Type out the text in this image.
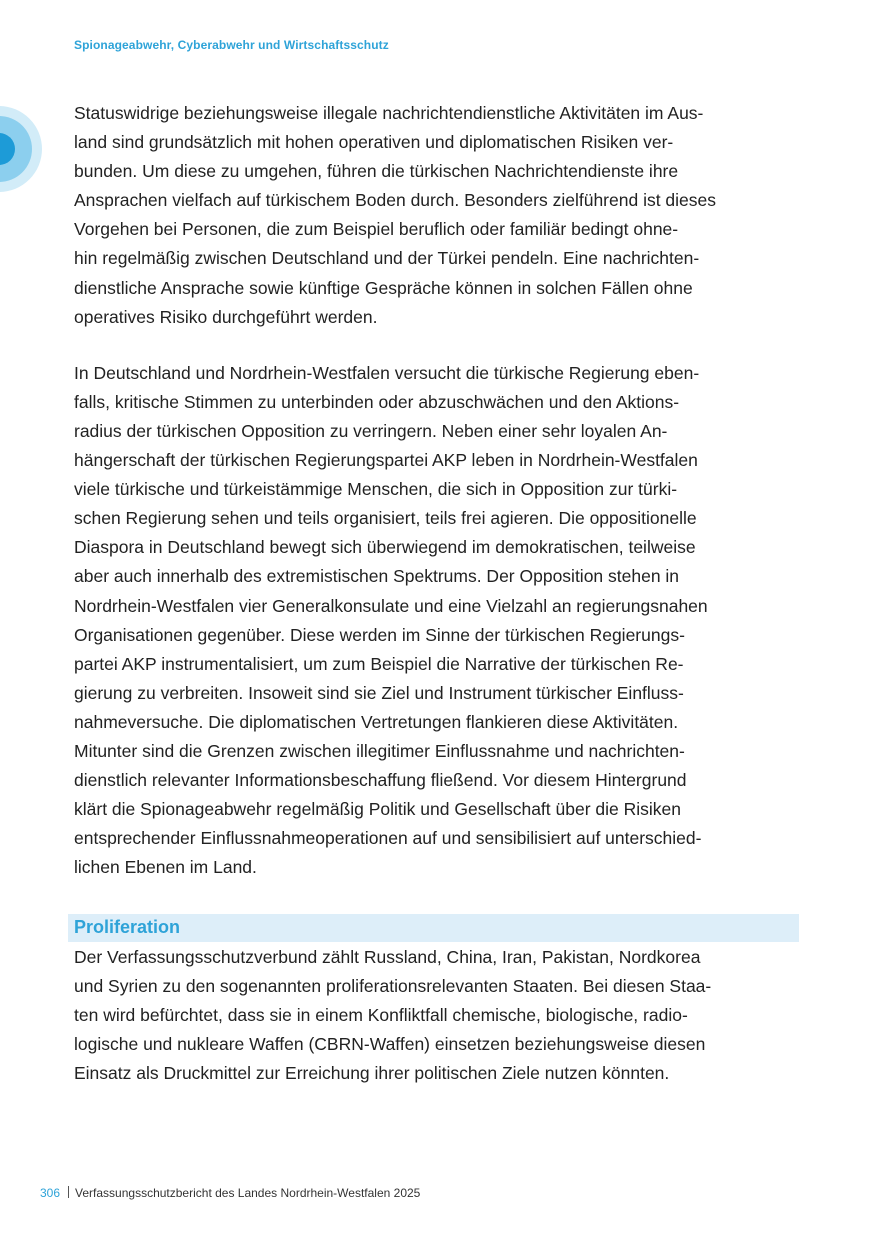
Spionageabwehr, Cyberabwehr und Wirtschaftsschutz
Statuswidrige beziehungsweise illegale nachrichtendienstliche Aktivitäten im Aus-
land sind grundsätzlich mit hohen operativen und diplomatischen Risiken ver-
bunden. Um diese zu umgehen, führen die türkischen Nachrichtendienste ihre
Ansprachen vielfach auf türkischem Boden durch. Besonders zielführend ist dieses
Vorgehen bei Personen, die zum Beispiel beruflich oder familiär bedingt ohne-
hin regelmäßig zwischen Deutschland und der Türkei pendeln. Eine nachrichten-
dienstliche Ansprache sowie künftige Gespräche können in solchen Fällen ohne
operatives Risiko durchgeführt werden.
In Deutschland und Nordrhein-Westfalen versucht die türkische Regierung eben-
falls, kritische Stimmen zu unterbinden oder abzuschwächen und den Aktions-
radius der türkischen Opposition zu verringern. Neben einer sehr loyalen An-
hängerschaft der türkischen Regierungspartei AKP leben in Nordrhein-Westfalen
viele türkische und türkeistämmige Menschen, die sich in Opposition zur türki-
schen Regierung sehen und teils organisiert, teils frei agieren. Die oppositionelle
Diaspora in Deutschland bewegt sich überwiegend im demokratischen, teilweise
aber auch innerhalb des extremistischen Spektrums. Der Opposition stehen in
Nordrhein-Westfalen vier Generalkonsulate und eine Vielzahl an regierungsnahen
Organisationen gegenüber. Diese werden im Sinne der türkischen Regierungs-
partei AKP instrumentalisiert, um zum Beispiel die Narrative der türkischen Re-
gierung zu verbreiten. Insoweit sind sie Ziel und Instrument türkischer Einfluss-
nahmeversuche. Die diplomatischen Vertretungen flankieren diese Aktivitäten.
Mitunter sind die Grenzen zwischen illegitimer Einflussnahme und nachrichten-
dienstlich relevanter Informationsbeschaffung fließend. Vor diesem Hintergrund
klärt die Spionageabwehr regelmäßig Politik und Gesellschaft über die Risiken
entsprechender Einflussnahmeoperationen auf und sensibilisiert auf unterschied-
lichen Ebenen im Land.
Proliferation
Der Verfassungsschutzverbund zählt Russland, China, Iran, Pakistan, Nordkorea
und Syrien zu den sogenannten proliferationsrelevanten Staaten. Bei diesen Staa-
ten wird befürchtet, dass sie in einem Konfliktfall chemische, biologische, radio-
logische und nukleare Waffen (CBRN-Waffen) einsetzen beziehungsweise diesen
Einsatz als Druckmittel zur Erreichung ihrer politischen Ziele nutzen könnten.
306 Verfassungsschutzbericht des Landes Nordrhein-Westfalen 2025
